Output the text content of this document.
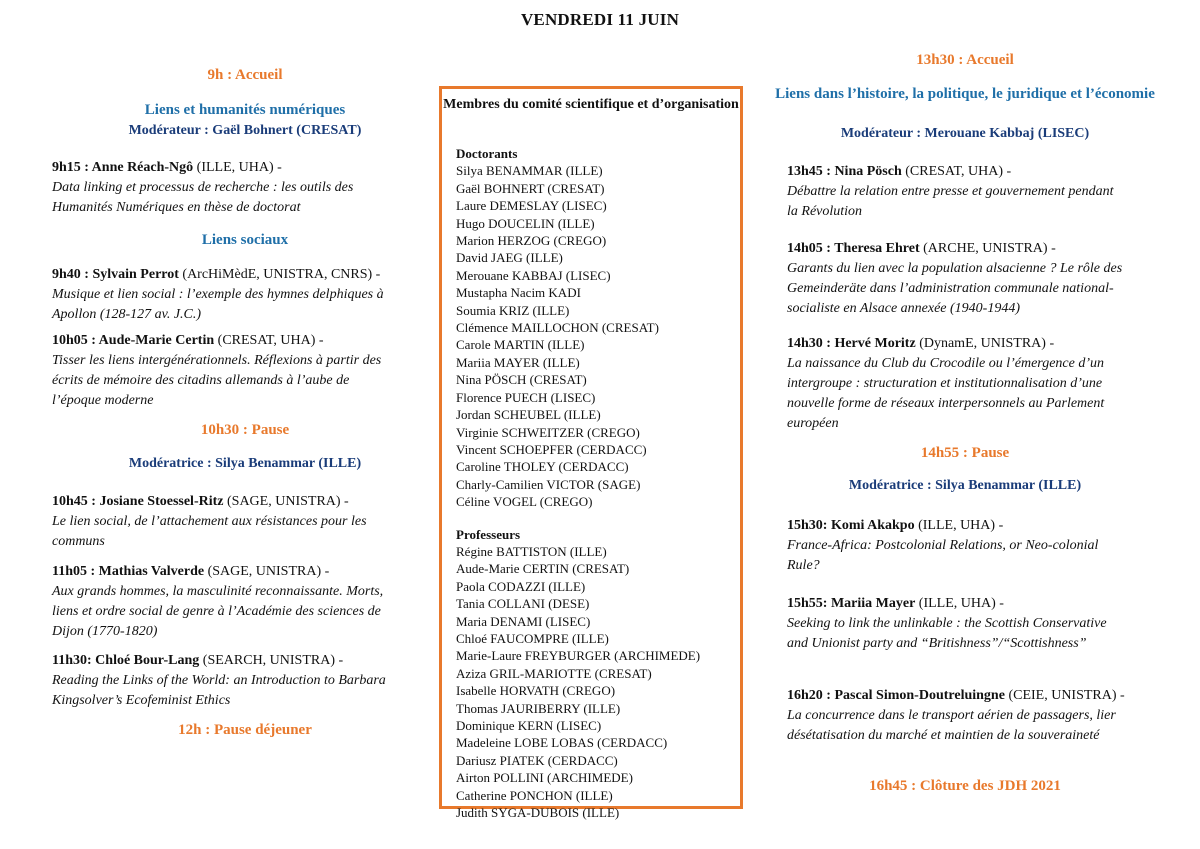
VENDREDI 11 JUIN
9h : Accueil
Liens et humanités numériques
Modérateur : Gaël Bohnert (CRESAT)
9h15 : Anne Réach-Ngô (ILLE, UHA) -
Data linking et processus de recherche : les outils des Humanités Numériques en thèse de doctorat
Liens sociaux
9h40 : Sylvain Perrot (ArcHiMèdE, UNISTRA, CNRS) - Musique et lien social : l’exemple des hymnes delphiques à Apollon (128-127 av. J.C.)
10h05 : Aude-Marie Certin (CRESAT, UHA) -
Tisser les liens intergénérationnels. Réflexions à partir des écrits de mémoire des citadins allemands à l’aube de l’époque moderne
10h30 : Pause
Modératrice : Silya Benammar (ILLE)
10h45 : Josiane Stoessel-Ritz (SAGE, UNISTRA) -
Le lien social, de l’attachement aux résistances pour les communs
11h05 : Mathias Valverde (SAGE, UNISTRA) -
Aux grands hommes, la masculinité reconnaissante. Morts, liens et ordre social de genre à l’Académie des sciences de Dijon (1770-1820)
11h30: Chloé Bour-Lang (SEARCH, UNISTRA) -
Reading the Links of the World: an Introduction to Barbara Kingsolver’s Ecofeminist Ethics
12h : Pause déjeuner
Membres du comité scientifique et d’organisation
Doctorants
Silya BENAMMAR (ILLE)
Gaël BOHNERT (CRESAT)
Laure DEMESLAY (LISEC)
Hugo DOUCELIN (ILLE)
Marion HERZOG (CREGO)
David JAEG (ILLE)
Merouane KABBAJ (LISEC)
Mustapha Nacim KADI
Soumia KRIZ (ILLE)
Clémence MAILLOCHON (CRESAT)
Carole MARTIN (ILLE)
Mariia MAYER (ILLE)
Nina PÖSCH (CRESAT)
Florence PUECH (LISEC)
Jordan SCHEUBEL (ILLE)
Virginie SCHWEITZER (CREGO)
Vincent SCHOEPFER (CERDACC)
Caroline THOLEY (CERDACC)
Charly-Camilien VICTOR (SAGE)
Céline VOGEL (CREGO)
Professeurs
Régine BATTISTON (ILLE)
Aude-Marie CERTIN (CRESAT)
Paola CODAZZI (ILLE)
Tania COLLANI (DESE)
Maria DENAMI (LISEC)
Chloé FAUCOMPRE (ILLE)
Marie-Laure FREYBURGER (ARCHIMEDE)
Aziza GRIL-MARIOTTE (CRESAT)
Isabelle HORVATH (CREGO)
Thomas JAURIBERRY (ILLE)
Dominique KERN (LISEC)
Madeleine LOBE LOBAS (CERDACC)
Dariusz PIATEK (CERDACC)
Airton POLLINI (ARCHIMEDE)
Catherine PONCHON (ILLE)
Judith SYGA-DUBOIS (ILLE)
13h30 : Accueil
Liens dans l’histoire, la politique, le juridique et l’économie
Modérateur : Merouane Kabbaj (LISEC)
13h45 : Nina Pösch (CRESAT, UHA) -
Débattre la relation entre presse et gouvernement pendant la Révolution
14h05 : Theresa Ehret (ARCHE, UNISTRA) -
Garants du lien avec la population alsacienne ? Le rôle des Gemeinderäte dans l’administration communale national-socialiste en Alsace annexée (1940-1944)
14h30 : Hervé Moritz (DynamE, UNISTRA) -
La naissance du Club du Crocodile ou l’émergence d’un intergroupe : structuration et institutionnalisation d’une nouvelle forme de réseaux interpersonnels au Parlement européen
14h55 : Pause
Modératrice : Silya Benammar (ILLE)
15h30: Komi Akakpo (ILLE, UHA) -
France-Africa: Postcolonial Relations, or Neo-colonial Rule?
15h55: Mariia Mayer (ILLE, UHA) -
Seeking to link the unlinkable : the Scottish Conservative and Unionist party and “Britishness”/“Scottishness”
16h20 : Pascal Simon-Doutreluingne (CEIE, UNISTRA) - La concurrence dans le transport aérien de passagers, lier désétatisation du marché et maintien de la souveraineté
16h45 : Clôture des JDH 2021
